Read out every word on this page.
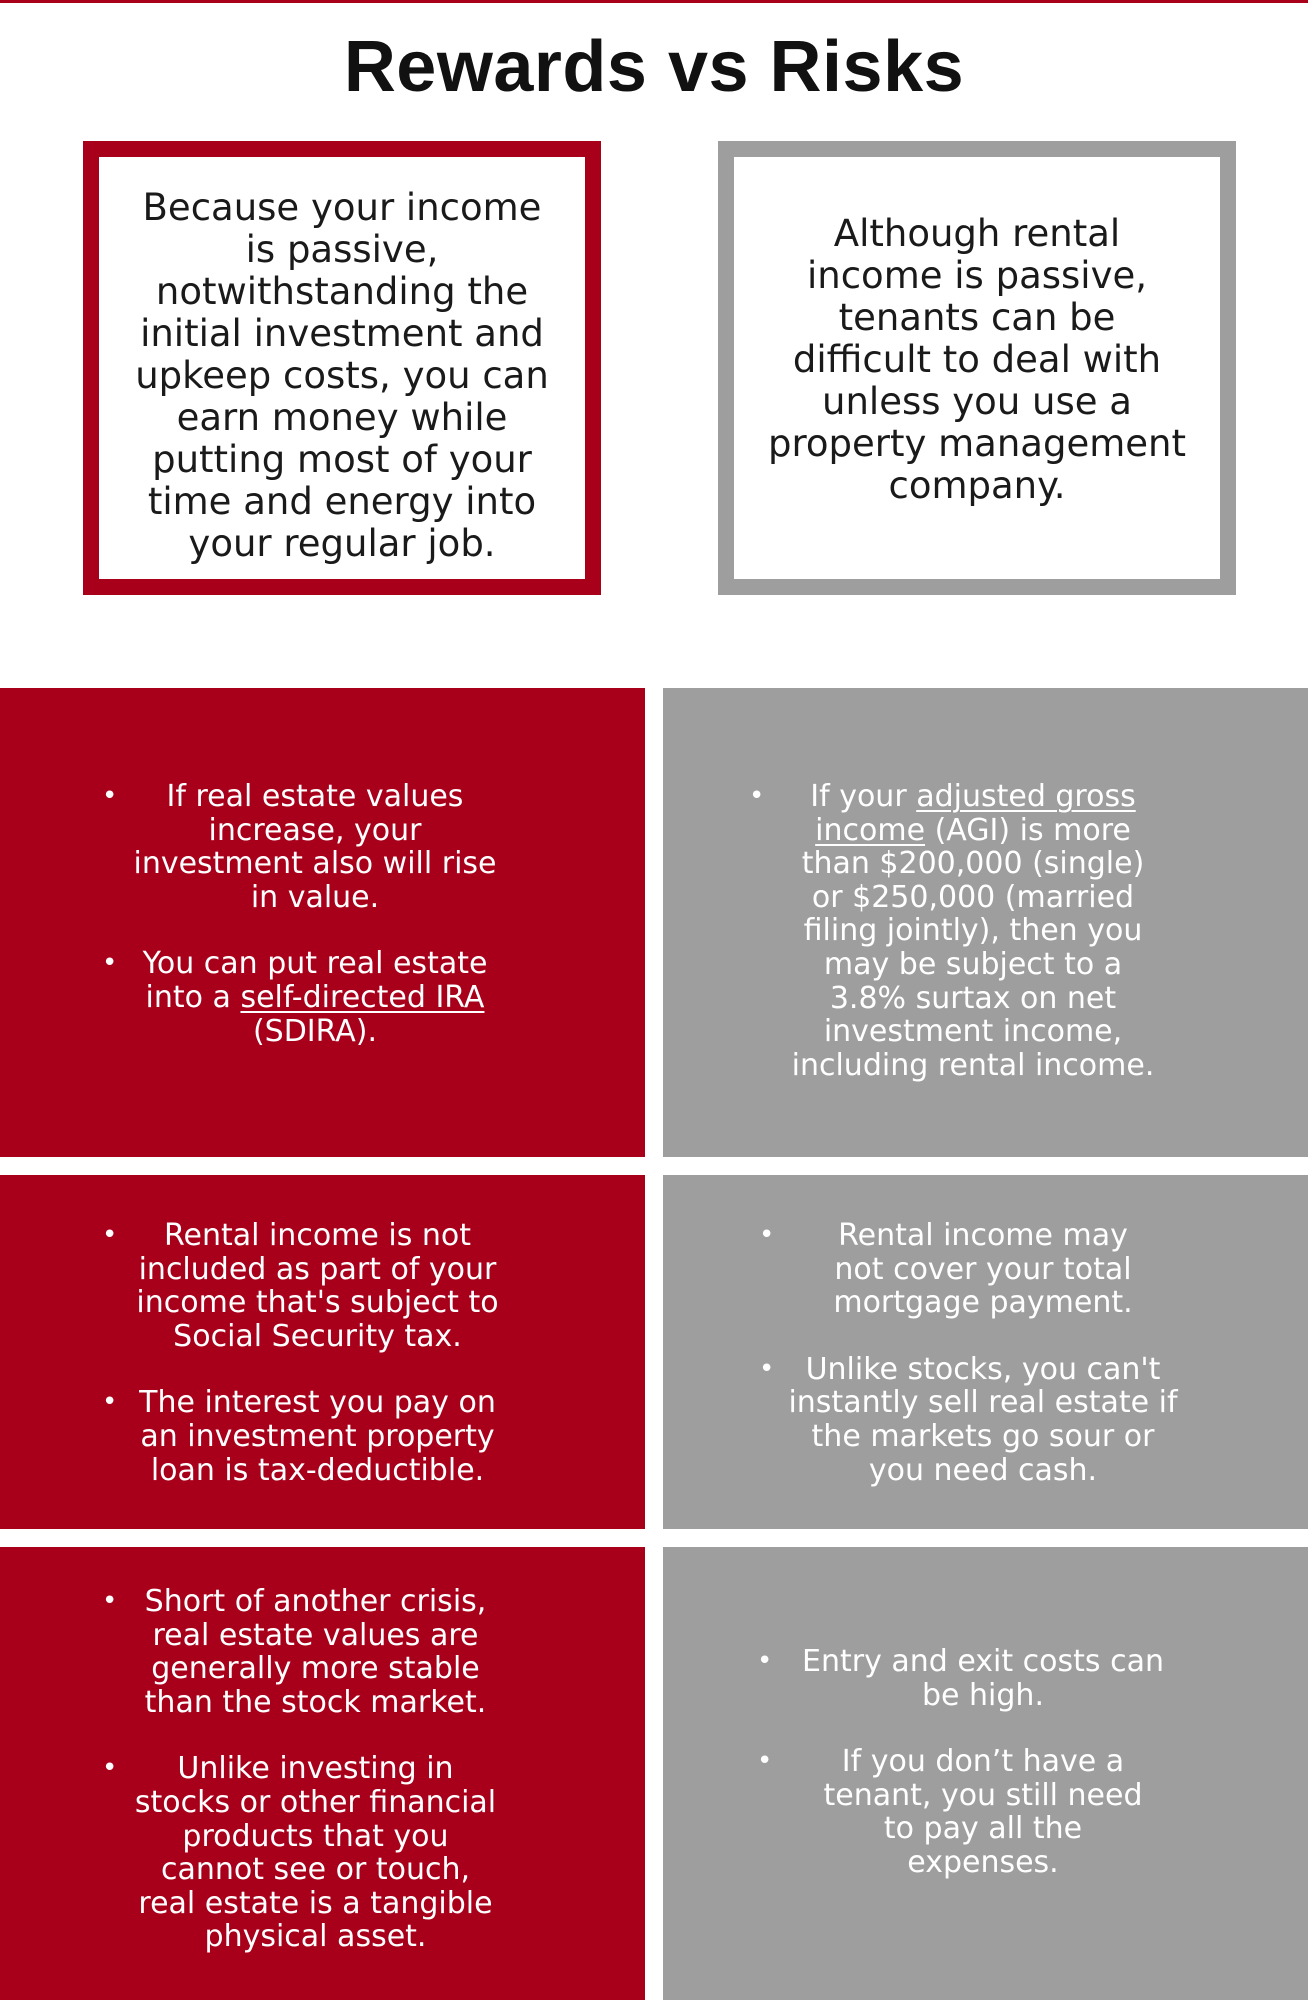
Rewards vs Risks
Because your income is passive, notwithstanding the initial investment and upkeep costs, you can earn money while putting most of your time and energy into your regular job.
Although rental income is passive, tenants can be difficult to deal with unless you use a property management company.
• If real estate values increase, your investment also will rise in value.
• You can put real estate into a self-directed IRA (SDIRA).
• If your adjusted gross income (AGI) is more than $200,000 (single) or $250,000 (married filing jointly), then you may be subject to a 3.8% surtax on net investment income, including rental income.
• Rental income is not included as part of your income that's subject to Social Security tax.
• The interest you pay on an investment property loan is tax-deductible.
• Rental income may not cover your total mortgage payment.
• Unlike stocks, you can't instantly sell real estate if the markets go sour or you need cash.
• Short of another crisis, real estate values are generally more stable than the stock market.
• Unlike investing in stocks or other financial products that you cannot see or touch, real estate is a tangible physical asset.
• Entry and exit costs can be high.
• If you don’t have a tenant, you still need to pay all the expenses.
